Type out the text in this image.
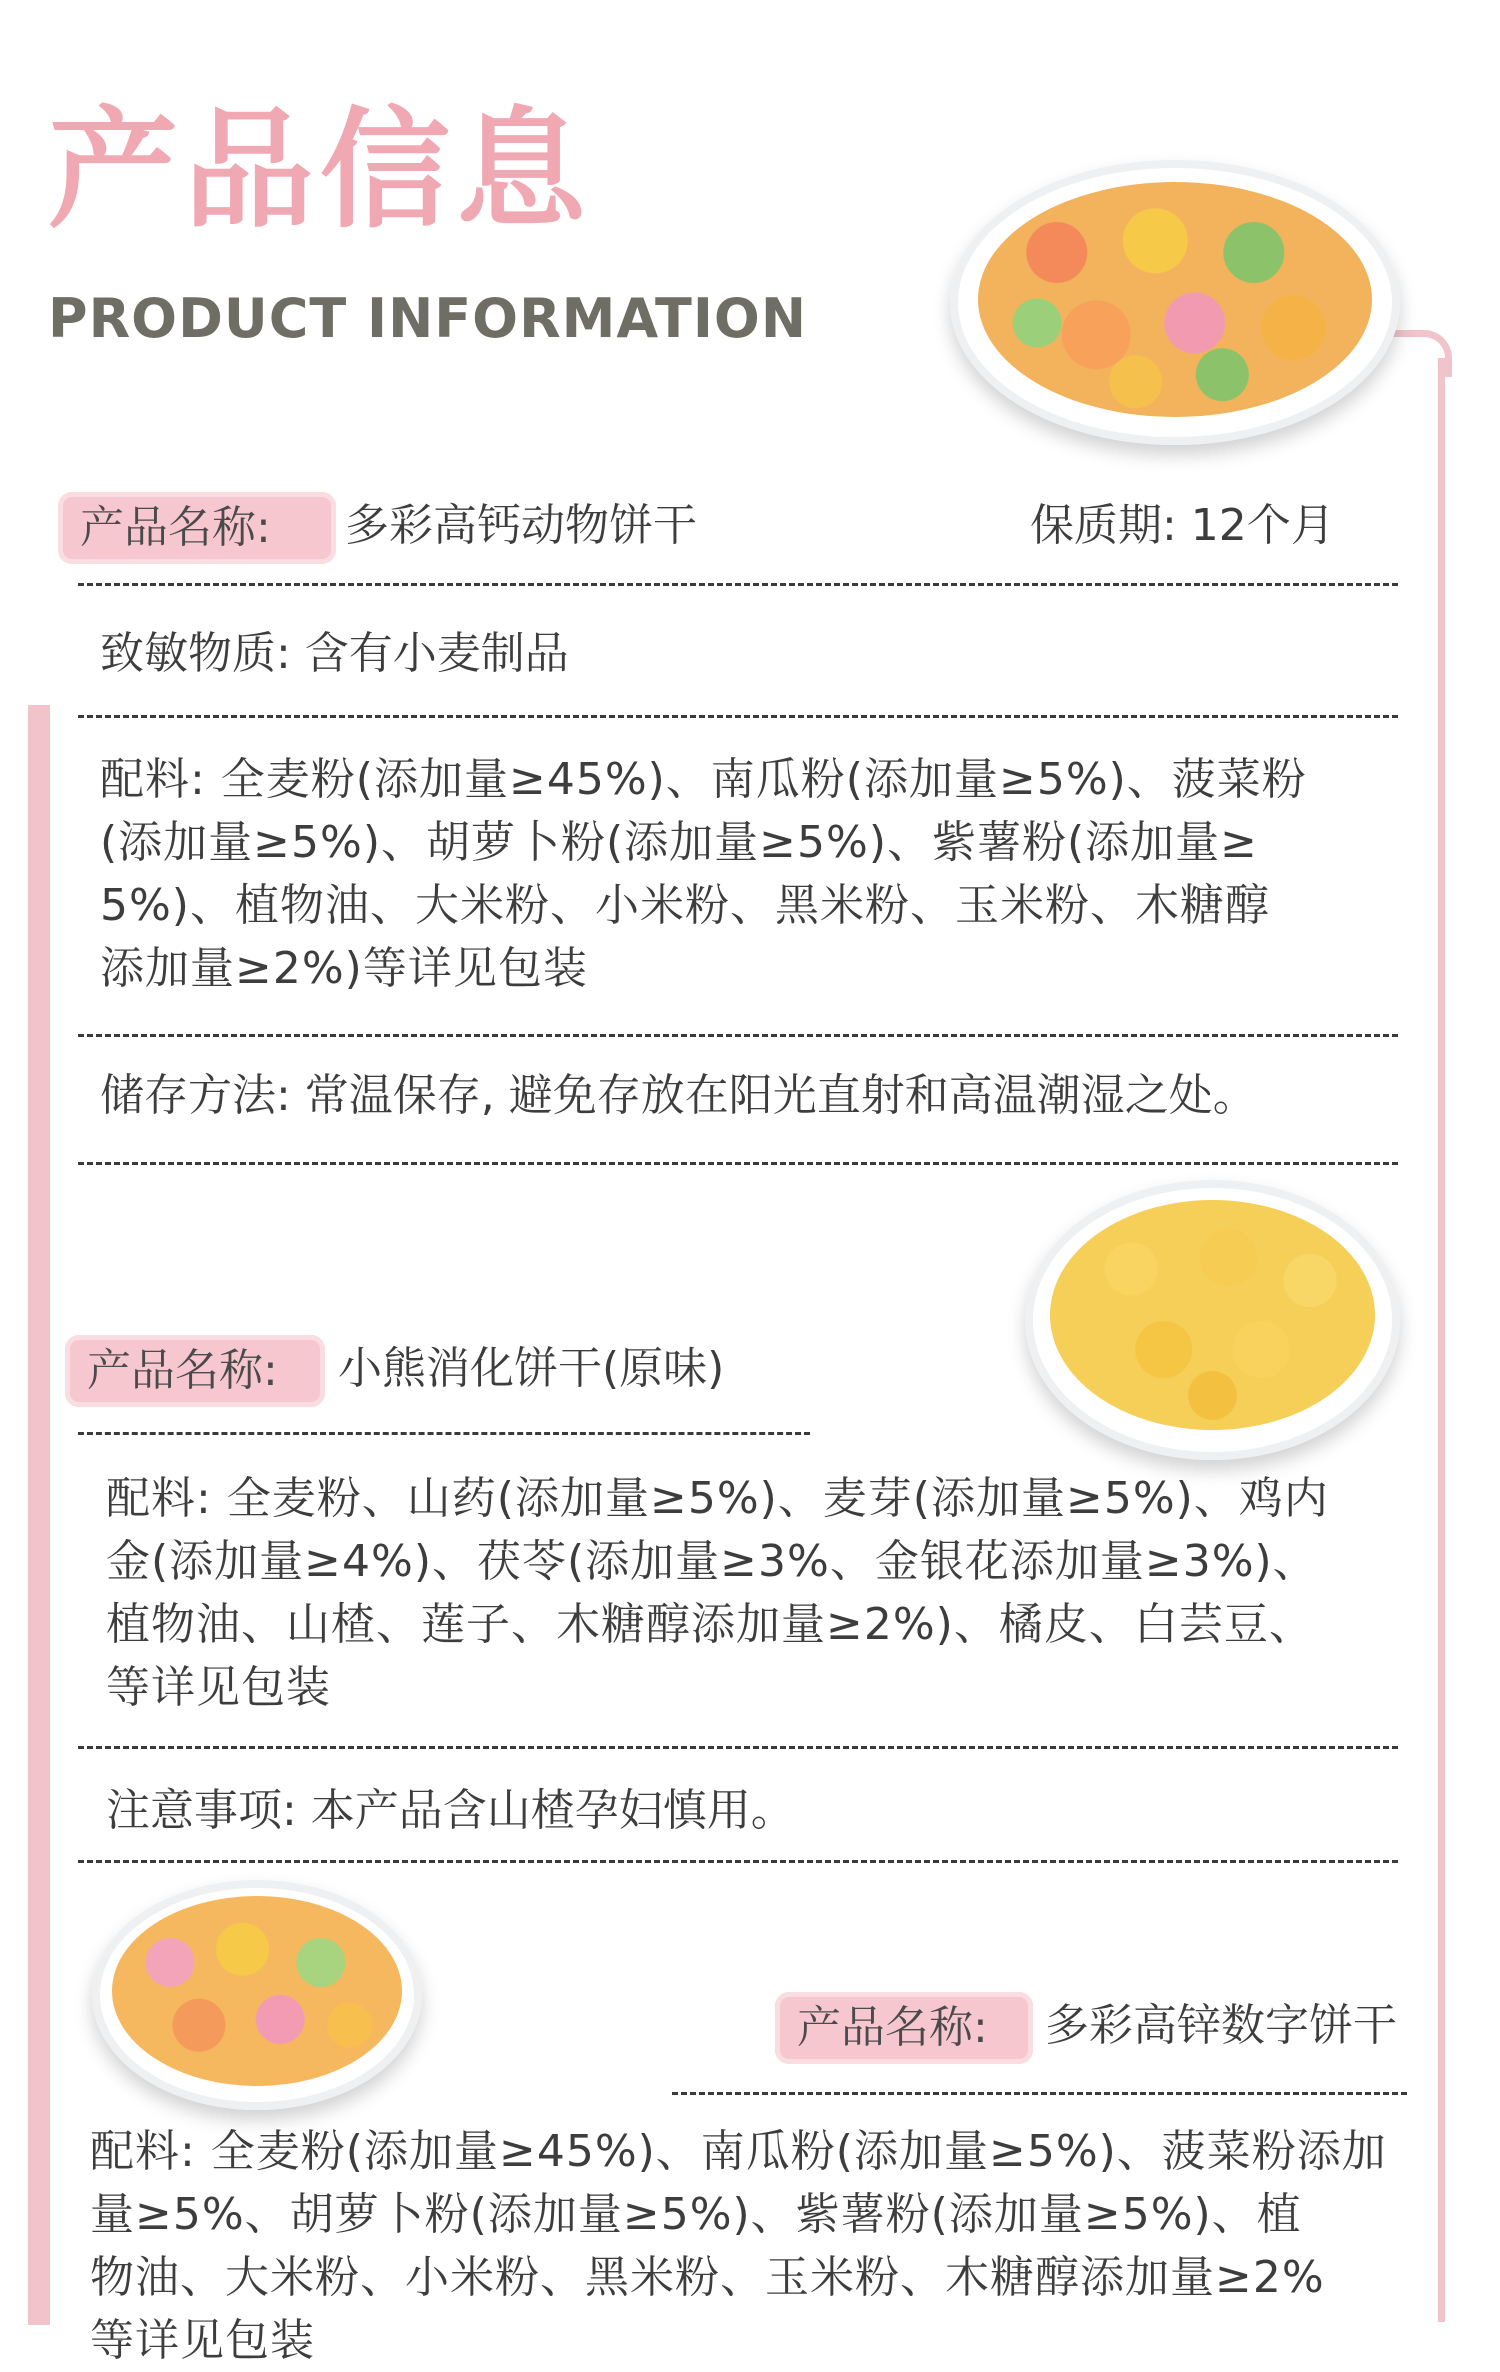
产品信息
PRODUCT INFORMATION
产品名称:	多彩高钙动物饼干	保质期: 12个月
致敏物质: 含有小麦制品
配料: 全麦粉(添加量≥45%)、南瓜粉(添加量≥5%)、菠菜粉
(添加量≥5%)、胡萝卜粉(添加量≥5%)、紫薯粉(添加量≥
5%)、植物油、大米粉、小米粉、黑米粉、玉米粉、木糖醇
添加量≥2%)等详见包装
储存方法: 常温保存, 避免存放在阳光直射和高温潮湿之处。
产品名称:	小熊消化饼干(原味)
配料: 全麦粉、山药(添加量≥5%)、麦芽(添加量≥5%)、鸡内
金(添加量≥4%)、茯苓(添加量≥3%、金银花添加量≥3%)、
植物油、山楂、莲子、木糖醇添加量≥2%)、橘皮、白芸豆、
等详见包装
注意事项: 本产品含山楂孕妇慎用。
产品名称:	多彩高锌数字饼干
配料: 全麦粉(添加量≥45%)、南瓜粉(添加量≥5%)、菠菜粉添加
量≥5%、胡萝卜粉(添加量≥5%)、紫薯粉(添加量≥5%)、植
物油、大米粉、小米粉、黑米粉、玉米粉、木糖醇添加量≥2%
等详见包装
